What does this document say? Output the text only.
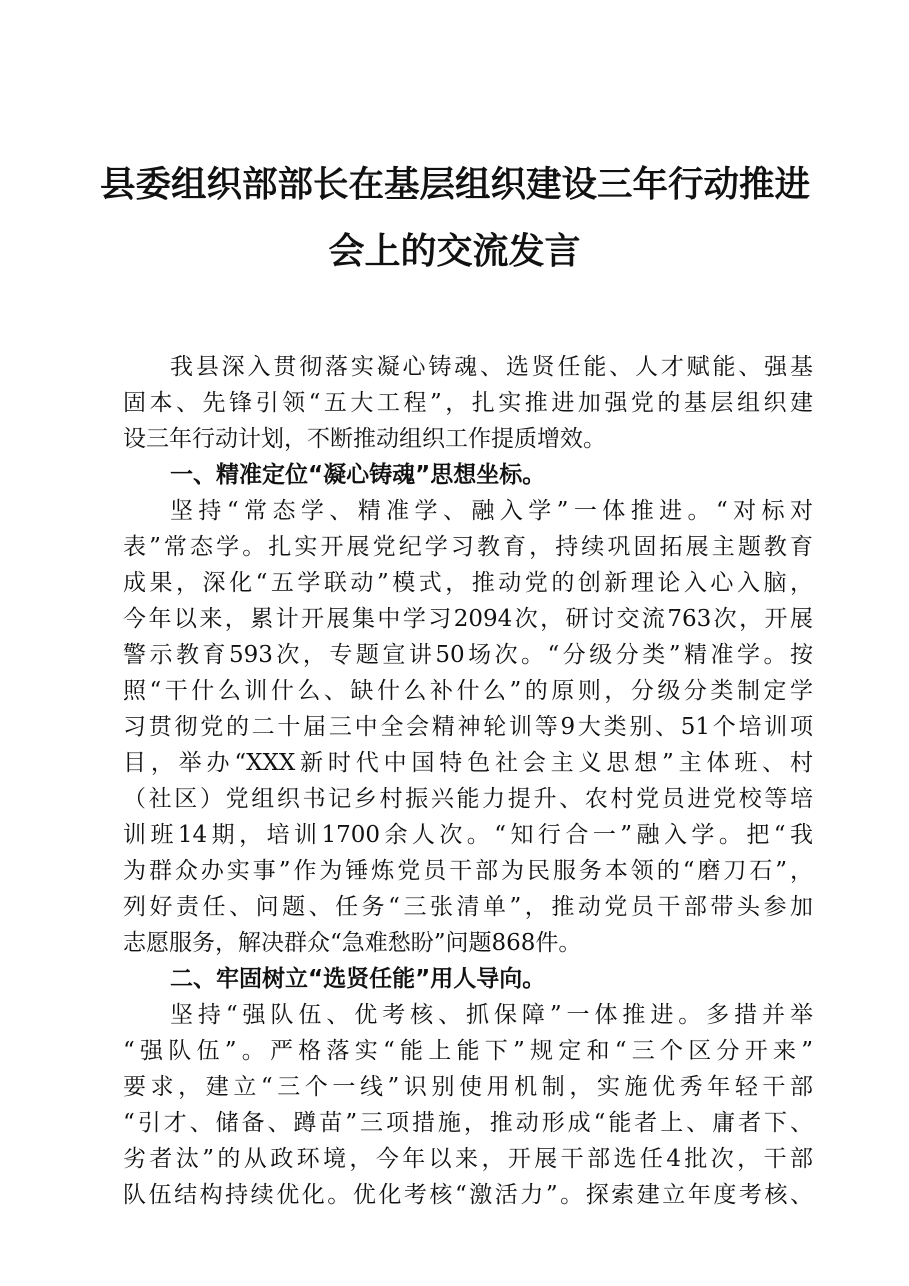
县委组织部部长在基层组织建设三年行动推进
会上的交流发言
我县深入贯彻落实凝心铸魂、选贤任能、人才赋能、强基
固本、先锋引领“五大工程”，扎实推进加强党的基层组织建
设三年行动计划，不断推动组织工作提质增效。
一、精准定位“凝心铸魂”思想坐标。
坚持“常态学、精准学、融入学”一体推进。“对标对
表”常态学。扎实开展党纪学习教育，持续巩固拓展主题教育
成果，深化“五学联动”模式，推动党的创新理论入心入脑，
今年以来，累计开展集中学习2094次，研讨交流763次，开展
警示教育593次，专题宣讲50场次。“分级分类”精准学。按
照“干什么训什么、缺什么补什么”的原则，分级分类制定学
习贯彻党的二十届三中全会精神轮训等9大类别、51个培训项
目，举办“XXX新时代中国特色社会主义思想”主体班、村
（社区）党组织书记乡村振兴能力提升、农村党员进党校等培
训班14期，培训1700余人次。“知行合一”融入学。把“我
为群众办实事”作为锤炼党员干部为民服务本领的“磨刀石”，
列好责任、问题、任务“三张清单”，推动党员干部带头参加
志愿服务，解决群众“急难愁盼”问题868件。
二、牢固树立“选贤任能”用人导向。
坚持“强队伍、优考核、抓保障”一体推进。多措并举
“强队伍”。严格落实“能上能下”规定和“三个区分开来”
要求，建立“三个一线”识别使用机制，实施优秀年轻干部
“引才、储备、蹲苗”三项措施，推动形成“能者上、庸者下、
劣者汰”的从政环境，今年以来，开展干部选任4批次，干部
队伍结构持续优化。优化考核“激活力”。探索建立年度考核、
